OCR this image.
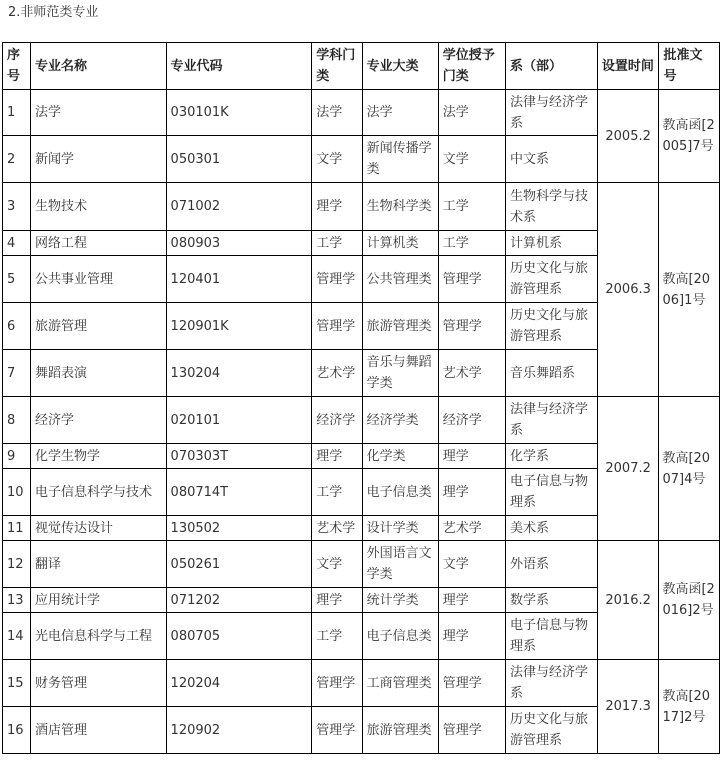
2.非师范类专业
序号	专业名称	专业代码	学科门类	专业大类	学位授予门类	系（部）	设置时间	批准文号
1	法学	030101K	法学	法学	法学	法律与经济学系	2005.2	教高函[2005]7号
2	新闻学	050301	文学	新闻传播学类	文学	中文系		
3	生物技术	071002	理学	生物科学类	工学	生物科学与技术系	2006.3	教高[2006]1号
4	网络工程	080903	工学	计算机类	工学	计算机系		
5	公共事业管理	120401	管理学	公共管理类	管理学	历史文化与旅游管理系		
6	旅游管理	120901K	管理学	旅游管理类	管理学	历史文化与旅游管理系		
7	舞蹈表演	130204	艺术学	音乐与舞蹈学类	艺术学	音乐舞蹈系		
8	经济学	020101	经济学	经济学类	经济学	法律与经济学系	2007.2	教高[2007]4号
9	化学生物学	070303T	理学	化学类	理学	化学系		
10	电子信息科学与技术	080714T	工学	电子信息类	理学	电子信息与物理系		
11	视觉传达设计	130502	艺术学	设计学类	艺术学	美术系		
12	翻译	050261	文学	外国语言文学类	文学	外语系	2016.2	教高函[2016]2号
13	应用统计学	071202	理学	统计学类	理学	数学系		
14	光电信息科学与工程	080705	工学	电子信息类	理学	电子信息与物理系		
15	财务管理	120204	管理学	工商管理类	管理学	法律与经济学系	2017.3	教高[2017]2号
16	酒店管理	120902	管理学	旅游管理类	管理学	历史文化与旅游管理系		
